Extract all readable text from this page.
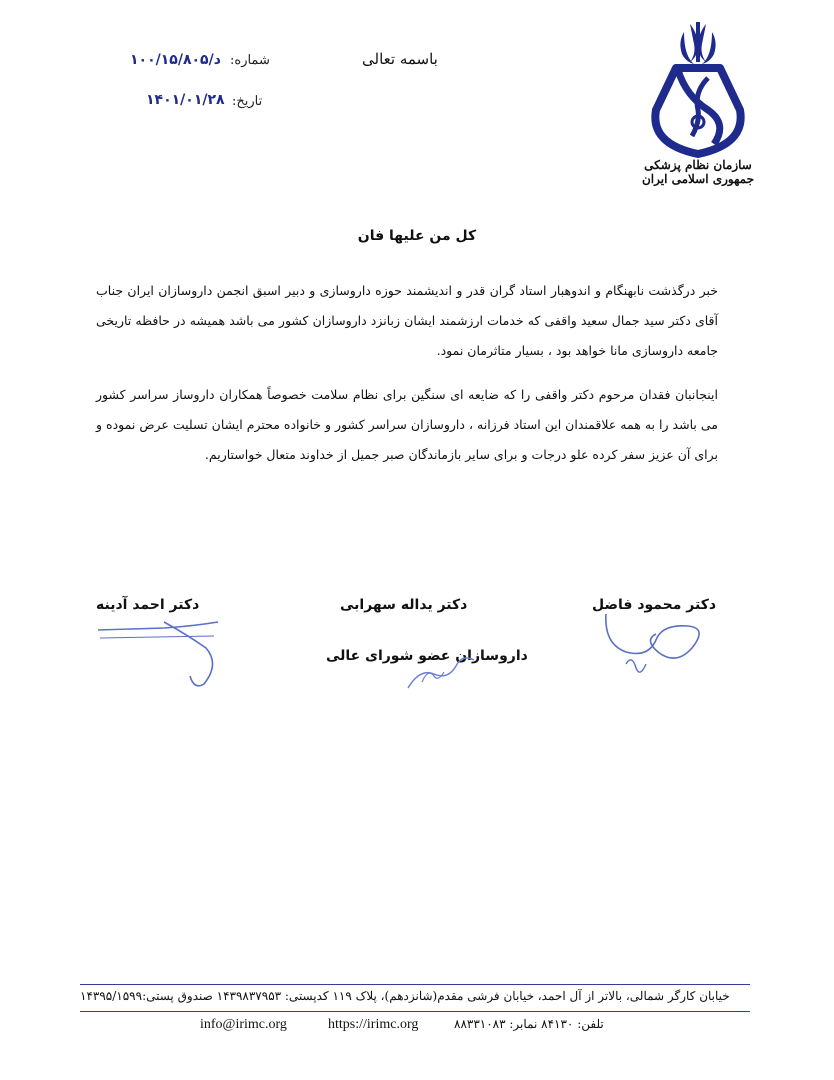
سازمان نظام پزشکی جمهوری اسلامی ایران
باسمه تعالی
شماره:
د/۱۰۰/۱۵/۸۰۵
تاریخ:
۱۴۰۱/۰۱/۲۸
کل من علیها فان
خبر درگذشت نابهنگام و اندوهبار استاد گران قدر و اندیشمند حوزه داروسازی و دبیر اسبق انجمن داروسازان ایران جناب آقای دکتر سید جمال سعید واقفی که خدمات ارزشمند ایشان زبانزد داروسازان کشور می باشد همیشه در حافظه تاریخی جامعه داروسازی مانا خواهد بود ، بسیار متاثرمان نمود.
اینجانبان فقدان مرحوم دکتر واقفی را که ضایعه ای سنگین برای نظام سلامت خصوصاً همکاران داروساز سراسر کشور می باشد را به همه علاقمندان این استاد فرزانه ، داروسازان سراسر کشور و خانواده محترم ایشان تسلیت عرض نموده و برای آن عزیز سفر کرده علو درجات و برای سایر بازماندگان صبر جمیل از خداوند متعال خواستاریم.
دکتر محمود فاضل
دکتر یداله سهرابی
دکتر احمد آدینه
داروسازان عضو شورای عالی
خیابان کارگر شمالی، بالاتر از آل احمد، خیابان فرشی مقدم(شانزدهم)، پلاک ۱۱۹ کدپستی: ۱۴۳۹۸۳۷۹۵۳ صندوق پستی:۱۴۳۹۵/۱۵۹۹
تلفن: ۸۴۱۳۰ نمابر: ۸۸۳۳۱۰۸۳
https://irimc.org
info@irimc.org
